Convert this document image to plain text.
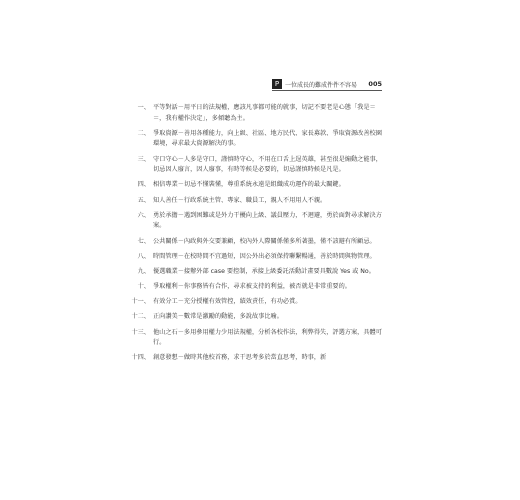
P 一位成長的難成件件不容易 005
一、 平等對話－用平日的法規權，應該凡事都可能的就事，切記不要老是心態「我是＝＝，我有權作決定」，多傾聽為主。
二、 爭取資源－善用各種能力，向上級、社區、地方民代、家長募款、爭取資源改善校園環境，尋求最大資源解決的事。
三、 守口守心－人多是守口，謹慎時守心，不用在口舌上逞英雄，甚至很是煽動之能事，切忌因人廢言，因人廢事，有時等候是必要的，切忌謹慎時候是凡是。
四、 相信專業－切忌不懂裝懂，尊重系統永遠是組織成功運作的最大關鍵。
五、 知人善任－行政系統主管、專家、職員工，親人不用用人不親。
六、 勇於承擔－遇到困難或是外力干擾向上級、議員壓力，不迴避，勇於面對尋求解決方案。
七、 公共關係－內政與外交要兼顧，校內外人際關係僅多所著墨，僅不該避有所顧忌。
八、 時間管理－在校時間不宜過短，因公外出必須保持聯繫暢通，善於時間與物管理。
九、 優選職業－接辦外部 case 要控制，承接上級委託活動計畫要具數說 Yes 或 No。
十、 爭取權利－你事務皆有合作，尋求被支持的利益，被否就是非常重要的。
十一、 有效分工－充分授權有效管控，績效責任，有功必賞。
十二、 正向讚美－數常是激勵的動能，多說故事比喻。
十三、 他山之石－多用參用權力少用法規權，分析各校作法，利弊得失，評選方案，具體可行。
十四、 創意發想－做時其他校首務，求干思考多於當直思考，時事，新
